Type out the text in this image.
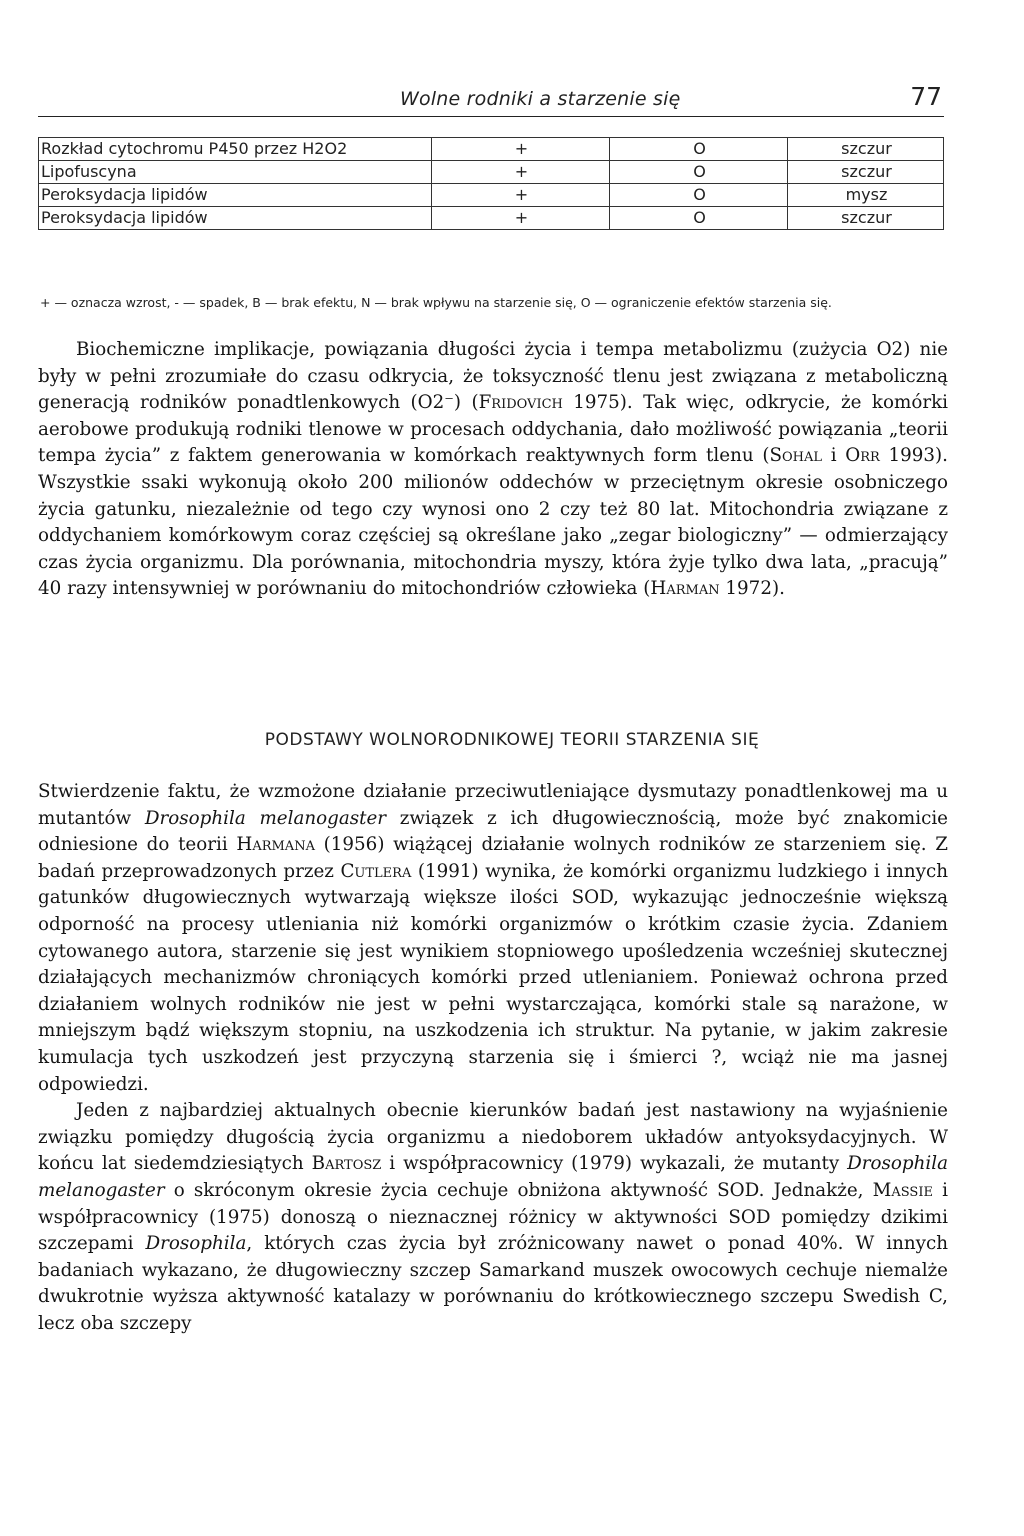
Wolne rodniki a starzenie się	77
Rozkład cytochromu P450 przez H2O2	+	O	szczur
Lipofuscyna	+	O	szczur
Peroksydacja lipidów	+	O	mysz
Peroksydacja lipidów	+	O	szczur
+ — oznacza wzrost, - — spadek, B — brak efektu, N — brak wpływu na starzenie się, O — ograniczenie efektów starzenia się.

Biochemiczne implikacje, powiązania długości życia i tempa metabolizmu (zużycia O2) nie były w pełni zrozumiałe do czasu odkrycia, że toksyczność tlenu jest związana z metaboliczną generacją rodników ponadtlenkowych (O2⁻) (Fridovich 1975). Tak więc, odkrycie, że komórki aerobowe produkują rodniki tlenowe w procesach oddychania, dało możliwość powiązania „teorii tempa życia” z faktem generowania w komórkach reaktywnych form tlenu (Sohal i Orr 1993). Wszystkie ssaki wykonują około 200 milionów oddechów w przeciętnym okresie osobniczego życia gatunku, niezależnie od tego czy wynosi ono 2 czy też 80 lat. Mitochondria związane z oddychaniem komórkowym coraz częściej są określane jako „zegar biologiczny” — odmierzający czas życia organizmu. Dla porównania, mitochondria myszy, która żyje tylko dwa lata, „pracują” 40 razy intensywniej w porównaniu do mitochondriów człowieka (Harman 1972).

PODSTAWY WOLNORODNIKOWEJ TEORII STARZENIA SIĘ

Stwierdzenie faktu, że wzmożone działanie przeciwutleniające dysmutazy ponadtlenkowej ma u mutantów Drosophila melanogaster związek z ich długowiecznością, może być znakomicie odniesione do teorii Harmana (1956) wiążącej działanie wolnych rodników ze starzeniem się. Z badań przeprowadzonych przez Cutlera (1991) wynika, że komórki organizmu ludzkiego i innych gatunków długowiecznych wytwarzają większe ilości SOD, wykazując jednocześnie większą odporność na procesy utleniania niż komórki organizmów o krótkim czasie życia. Zdaniem cytowanego autora, starzenie się jest wynikiem stopniowego upośledzenia wcześniej skutecznej działających mechanizmów chroniących komórki przed utlenianiem. Ponieważ ochrona przed działaniem wolnych rodników nie jest w pełni wystarczająca, komórki stale są narażone, w mniejszym bądź większym stopniu, na uszkodzenia ich struktur. Na pytanie, w jakim zakresie kumulacja tych uszkodzeń jest przyczyną starzenia się i śmierci ?, wciąż nie ma jasnej odpowiedzi.

Jeden z najbardziej aktualnych obecnie kierunków badań jest nastawiony na wyjaśnienie związku pomiędzy długością życia organizmu a niedoborem układów antyoksydacyjnych. W końcu lat siedemdziesiątych Bartosz i współpracownicy (1979) wykazali, że mutanty Drosophila melanogaster o skróconym okresie życia cechuje obniżona aktywność SOD. Jednakże, Massie i współpracownicy (1975) donoszą o nieznacznej różnicy w aktywności SOD pomiędzy dzikimi szczepami Drosophila, których czas życia był zróżnicowany nawet o ponad 40%. W innych badaniach wykazano, że długowieczny szczep Samarkand muszek owocowych cechuje niemalże dwukrotnie wyższa aktywność katalazy w porównaniu do krótkowiecznego szczepu Swedish C, lecz oba szczepy
